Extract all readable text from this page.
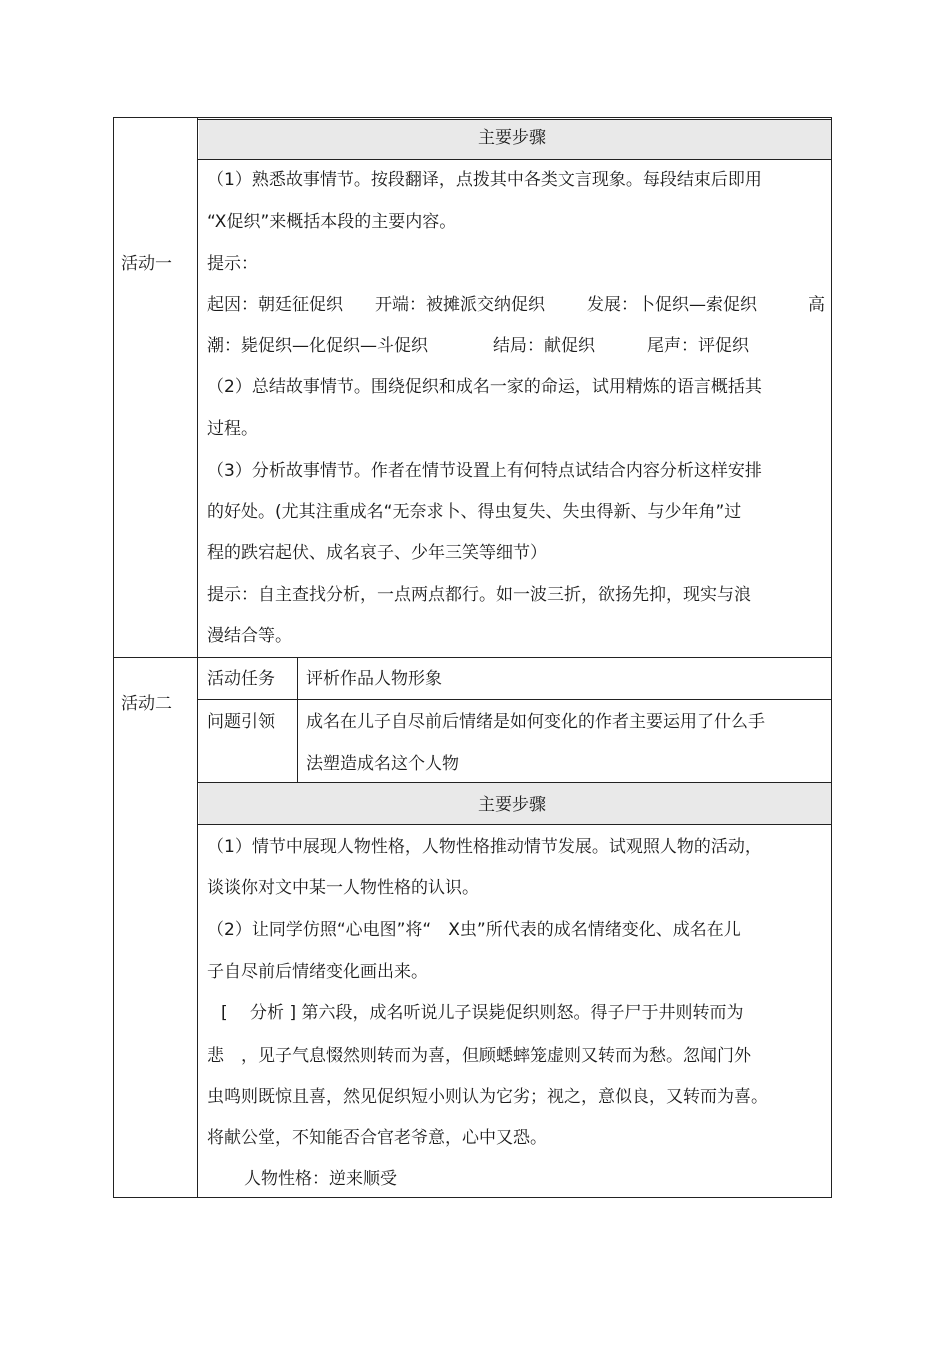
活动一
主要步骤
（1）熟悉故事情节。按段翻译，点拨其中各类文言现象。每段结束后即用
“X促织”来概括本段的主要内容。
提示：
起因：朝廷征促织 开端：被摊派交纳促织 发展：卜促织—索促织	高
潮：毙促织—化促织—斗促织	结局：献促织	尾声：评促织
（2）总结故事情节。围绕促织和成名一家的命运，试用精炼的语言概括其
过程。
（3）分析故事情节。作者在情节设置上有何特点试结合内容分析这样安排
的好处。(尤其注重成名“无奈求卜、得虫复失、失虫得新、与少年角”过
程的跌宕起伏、成名哀子、少年三笑等细节）
提示：自主查找分析，一点两点都行。如一波三折，欲扬先抑，现实与浪
漫结合等。
活动二
活动任务 评析作品人物形象
问题引领 成名在儿子自尽前后情绪是如何变化的作者主要运用了什么手
法塑造成名这个人物
主要步骤
（1）情节中展现人物性格，人物性格推动情节发展。试观照人物的活动，
谈谈你对文中某一人物性格的认识。
（2）让同学仿照“心电图”将“　X虫”所代表的成名情绪变化、成名在儿
子自尽前后情绪变化画出来。
[　 分析 ] 第六段，成名听说儿子误毙促织则怒。得子尸于井则转而为
悲　，见子气息惙然则转而为喜，但顾蟋蟀笼虚则又转而为愁。忽闻门外
虫鸣则既惊且喜，然见促织短小则认为它劣；视之，意似良，又转而为喜。
将献公堂，不知能否合官老爷意，心中又恐。
人物性格：逆来顺受
